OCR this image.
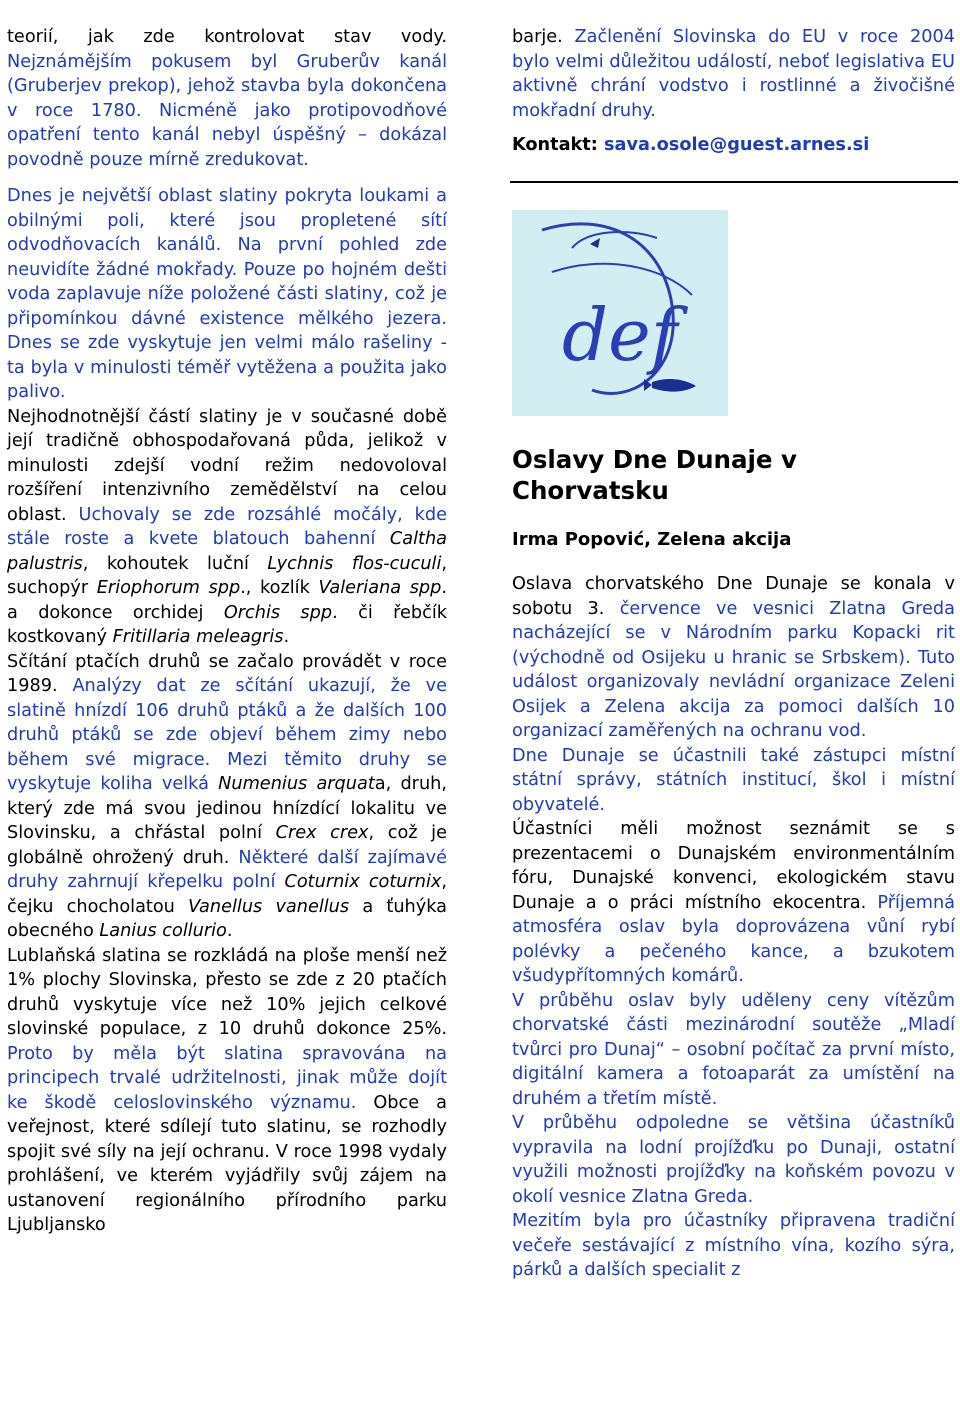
teorií, jak zde kontrolovat stav vody. Nejznámějším pokusem byl Gruberův kanál (Gruberjev prekop), jehož stavba byla dokončena v roce 1780. Nicméně jako protipovodňové opatření tento kanál nebyl úspěšný – dokázal povodně pouze mírně zredukovat.

Dnes je největší oblast slatiny pokryta loukami a obilnými poli, které jsou propletené sítí odvodňovacích kanálů. Na první pohled zde neuvidíte žádné mokřady. Pouze po hojném dešti voda zaplavuje níže položené části slatiny, což je připomínkou dávné existence mělkého jezera. Dnes se zde vyskytuje jen velmi málo rašeliny - ta byla v minulosti téměř vytěžena a použita jako palivo.

Nejhodnotnější částí slatiny je v současné době její tradičně obhospodařovaná půda, jelikož v minulosti zdejší vodní režim nedovoloval rozšíření intenzivního zemědělství na celou oblast. Uchovaly se zde rozsáhlé močály, kde stále roste a kvete blatouch bahenní Caltha palustris, kohoutek luční Lychnis flos-cuculi, suchopýr Eriophorum spp., kozlík Valeriana spp. a dokonce orchidej Orchis spp. či řebčík kostkovaný Fritillaria meleagris.

Sčítání ptačích druhů se začalo provádět v roce 1989. Analýzy dat ze sčítání ukazují, že ve slatině hnízdí 106 druhů ptáků a že dalších 100 druhů ptáků se zde objeví během zimy nebo během své migrace. Mezi těmito druhy se vyskytuje koliha velká Numenius arquata, druh, který zde má svou jedinou hnízdící lokalitu ve Slovinsku, a chřástal polní Crex crex, což je globálně ohrožený druh. Některé další zajímavé druhy zahrnují křepelku polní Coturnix coturnix, čejku chocholatou Vanellus vanellus a ťuhýka obecného Lanius collurio.

Lublaňská slatina se rozkládá na ploše menší než 1% plochy Slovinska, přesto se zde z 20 ptačích druhů vyskytuje více než 10% jejich celkové slovinské populace, z 10 druhů dokonce 25%. Proto by měla být slatina spravována na principech trvalé udržitelnosti, jinak může dojít ke škodě celoslovinského významu. Obce a veřejnost, které sdílejí tuto slatinu, se rozhodly spojit své síly na její ochranu. V roce 1998 vydaly prohlášení, ve kterém vyjádřily svůj zájem na ustanovení regionálního přírodního parku Ljubljansko

barje. Začlenění Slovinska do EU v roce 2004 bylo velmi důležitou událostí, neboť legislativa EU aktivně chrání vodstvo i rostlinné a živočišné mokřadní druhy.

Kontakt: sava.osole@guest.arnes.si

def

Oslavy Dne Dunaje v Chorvatsku

Irma Popović, Zelena akcija

Oslava chorvatského Dne Dunaje se konala v sobotu 3. července ve vesnici Zlatna Greda nacházející se v Národním parku Kopacki rit (východně od Osijeku u hranic se Srbskem). Tuto událost organizovaly nevládní organizace Zeleni Osijek a Zelena akcija za pomoci dalších 10 organizací zaměřených na ochranu vod.

Dne Dunaje se účastnili také zástupci místní státní správy, státních institucí, škol i místní obyvatelé.

Účastníci měli možnost seznámit se s prezentacemi o Dunajském environmentálním fóru, Dunajské konvenci, ekologickém stavu Dunaje a o práci místního ekocentra. Příjemná atmosféra oslav byla doprovázena vůní rybí polévky a pečeného kance, a bzukotem všudypřítomných komárů.

V průběhu oslav byly uděleny ceny vítězům chorvatské části mezinárodní soutěže „Mladí tvůrci pro Dunaj“ – osobní počítač za první místo, digitální kamera a fotoaparát za umístění na druhém a třetím místě.

V průběhu odpoledne se většina účastníků vypravila na lodní projížďku po Dunaji, ostatní využili možnosti projížďky na koňském povozu v okolí vesnice Zlatna Greda.

Mezitím byla pro účastníky připravena tradiční večeře sestávající z místního vína, kozího sýra, párků a dalších specialit z
